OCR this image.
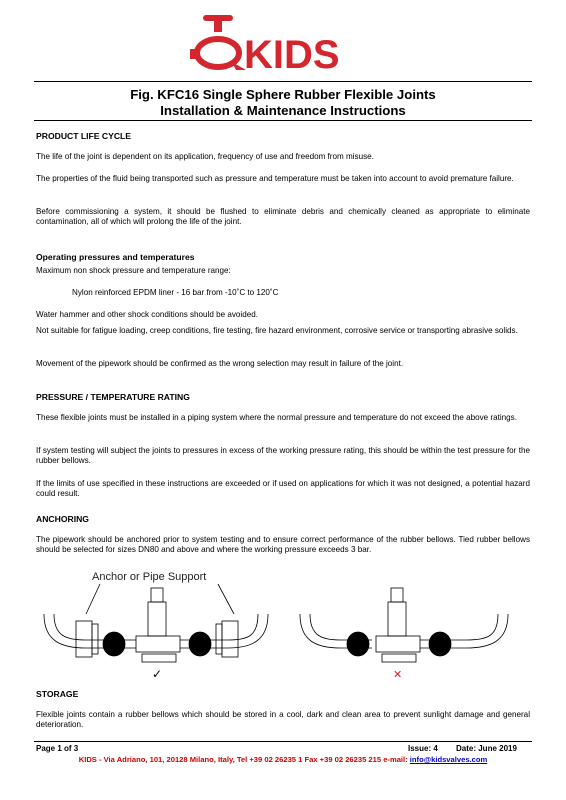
KIDS
Fig. KFC16 Single Sphere Rubber Flexible Joints
Installation & Maintenance Instructions
PRODUCT LIFE CYCLE
The life of the joint is dependent on its application, frequency of use and freedom from misuse.
The properties of the fluid being transported such as pressure and temperature must be taken into account to avoid premature failure.
Before commissioning a system, it should be flushed to eliminate debris and chemically cleaned as appropriate to eliminate contamination, all of which will prolong the life of the joint.
Operating pressures and temperatures
Maximum non shock pressure and temperature range:
Nylon reinforced EPDM liner - 16 bar from -10˚C to 120˚C
Water hammer and other shock conditions should be avoided.
Not suitable for fatigue loading, creep conditions, fire testing, fire hazard environment, corrosive service or transporting abrasive solids.
Movement of the pipework should be confirmed as the wrong selection may result in failure of the joint.
PRESSURE / TEMPERATURE RATING
These flexible joints must be installed in a piping system where the normal pressure and temperature do not exceed the above ratings.
If system testing will subject the joints to pressures in excess of the working pressure rating, this should be within the test pressure for the rubber bellows.
If the limits of use specified in these instructions are exceeded or if used on applications for which it was not designed, a potential hazard could result.
ANCHORING
The pipework should be anchored prior to system testing and to ensure correct performance of the rubber bellows. Tied rubber bellows should be selected for sizes DN80 and above and where the working pressure exceeds 3 bar.
Anchor or Pipe Support
✓	✕
STORAGE
Flexible joints contain a rubber bellows which should be stored in a cool, dark and clean area to prevent sunlight damage and general deterioration.
Page 1 of 3	Issue: 4 Date: June 2019
KIDS - Via Adriano, 101, 20128 Milano, Italy, Tel +39 02 26235 1 Fax +39 02 26235 215 e-mail: info@kidsvalves.com
